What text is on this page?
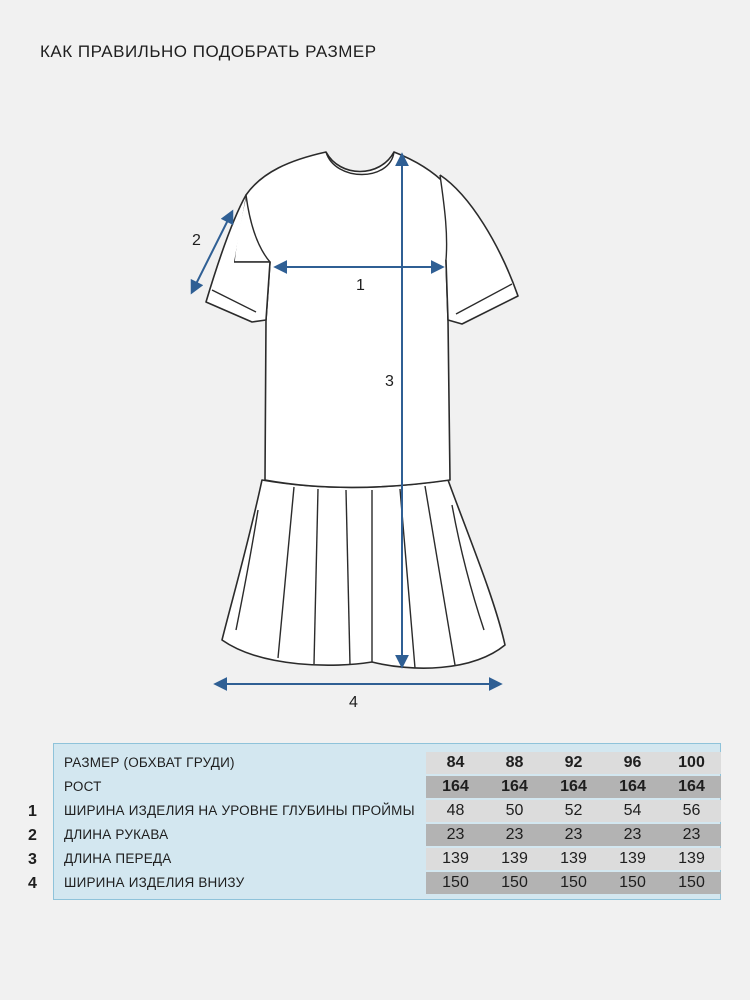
КАК ПРАВИЛЬНО ПОДОБРАТЬ РАЗМЕР
1
2
3
4
РАЗМЕР (ОБХВАТ ГРУДИ)	84	88	92	96	100
РОСТ	164	164	164	164	164
ШИРИНА ИЗДЕЛИЯ НА УРОВНЕ ГЛУБИНЫ ПРОЙМЫ	48	50	52	54	56
ДЛИНА РУКАВА	23	23	23	23	23
ДЛИНА ПЕРЕДА	139	139	139	139	139
ШИРИНА ИЗДЕЛИЯ ВНИЗУ	150	150	150	150	150
1
2
3
4
